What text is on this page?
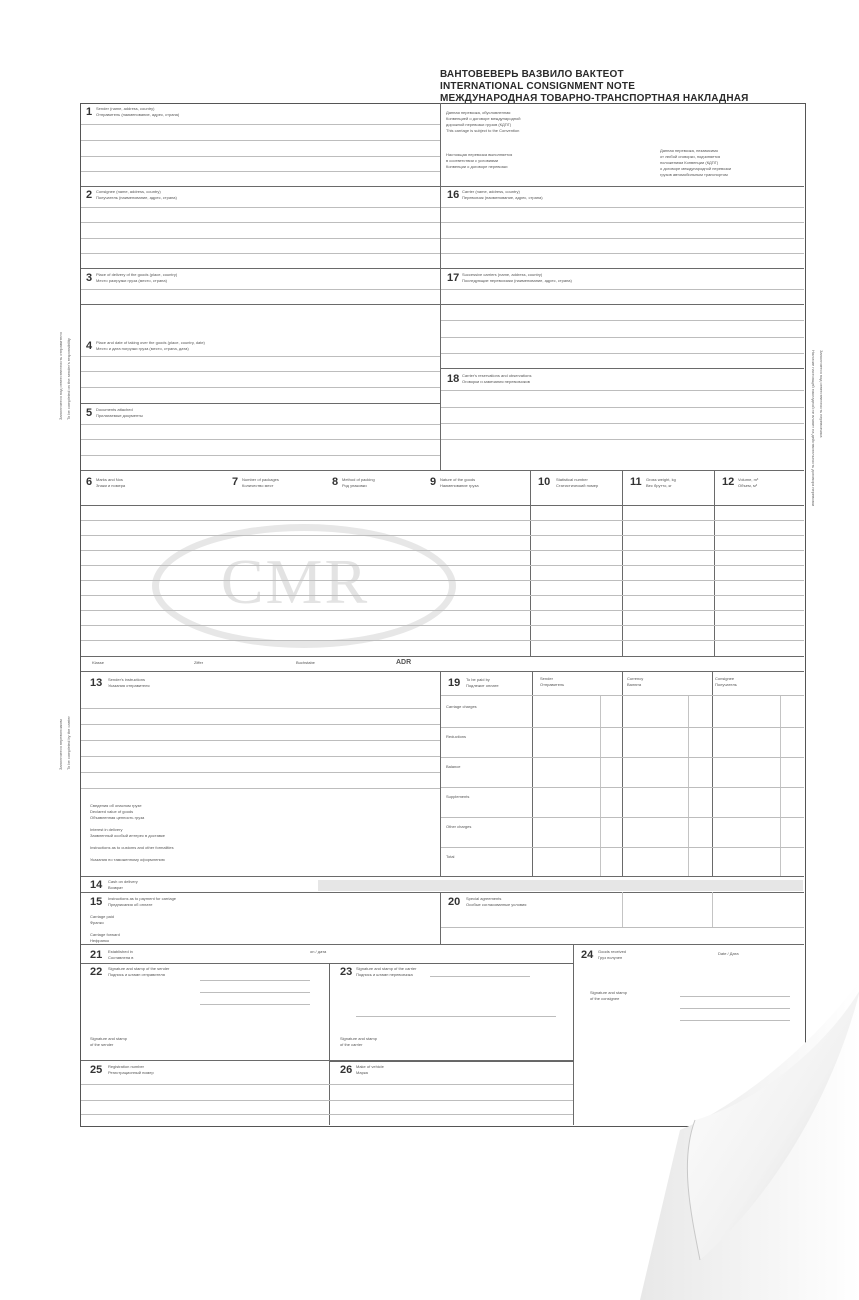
ВАНТОВЕВЕРЬ ВАЗВИЛО ВАКТЕОТ
INTERNATIONAL CONSIGNMENT NOTE
МЕЖДУНАРОДНАЯ ТОВАРНО-ТРАНСПОРТНАЯ НАКЛАДНАЯ
CMR
1 Sender (name, address, country)
Отправитель (наименование, адрес, страна)	Данная перевозка, обусловленная
Конвенцией о договоре международной
дорожной перевозки грузов (КДПГ)
This carriage is subject to the Convention
Настоящая перевозка выполняется
в соответствии с условиями
Конвенции о договоре перевозки
Данная перевозка, независимо
от любой оговорки, подчиняется
положениям Конвенции (КДПГ)
о договоре международной перевозки
грузов автомобильным транспортом
2 Consignee (name, address, country)
Получатель (наименование, адрес, страна)	16 Carrier (name, address, country)
Перевозчик (наименование, адрес, страна)
3 Place of delivery of the goods (place, country)
Место разгрузки груза (место, страна)	17 Successive carriers (name, address, country)
Последующие перевозчики (наименование, адрес, страна)
4 Place and date of taking over the goods (place, country, date)
Место и дата погрузки груза (место, страна, дата)
18 Carrier's reservations and observations
Оговорки и замечания перевозчиков
5 Documents attached
Прилагаемые документы
6 Marks and Nos
Знаки и номера	7 Number of packages
Количество мест	8 Method of packing
Род упаковки	9 Nature of the goods
Наименование груза	10 Statistical number
Статистический номер	11 Gross weight, kg
Вес брутто, кг	12 Volume, m³
Объем, м³
Klasse	Ziffer	Buchstabe	ADR
13 Sender's instructions
Указания отправителя
Сведения об опасном грузе
Declared value of goods
Объявленная ценность груза
Interest in delivery
Заявленный особый интерес в доставке
Instructions as to customs and other formalities
Указания по таможенному оформлению
19 To be paid by
Подлежит оплате
Sender
Отправитель
Currency
Валюта
Consignee
Получатель
Carriage charges
Reductions
Balance
Supplements
Other charges
Total
14 Cash on delivery
Возврат
15 Instructions as to payment for carriage
Предписания об оплате
Carriage paid
Франко
Carriage forward
Нефранко
20 Special agreements
Особые согласованные условия
21 Established in
Составлена в
on / дата	24 Goods received
Груз получен
Date / Дата
Signature and stamp
of the consignee
22 Signature and stamp of the sender
Подпись и штамп отправителя
Signature and stamp
of the sender
23 Signature and stamp of the carrier
Подпись и штамп перевозчика
Signature and stamp
of the carrier
25 Registration number
Регистрационный номер	26 Make of vehicle
Марка
Заполняется под ответственность отправителя To be completed on the sender's responsibility
Заполняется перевозчиком To be completed by the carrier
Заполняется под ответственность перевозчика
Наличие настоящей накладной не влияет на действительность договора перевозки
